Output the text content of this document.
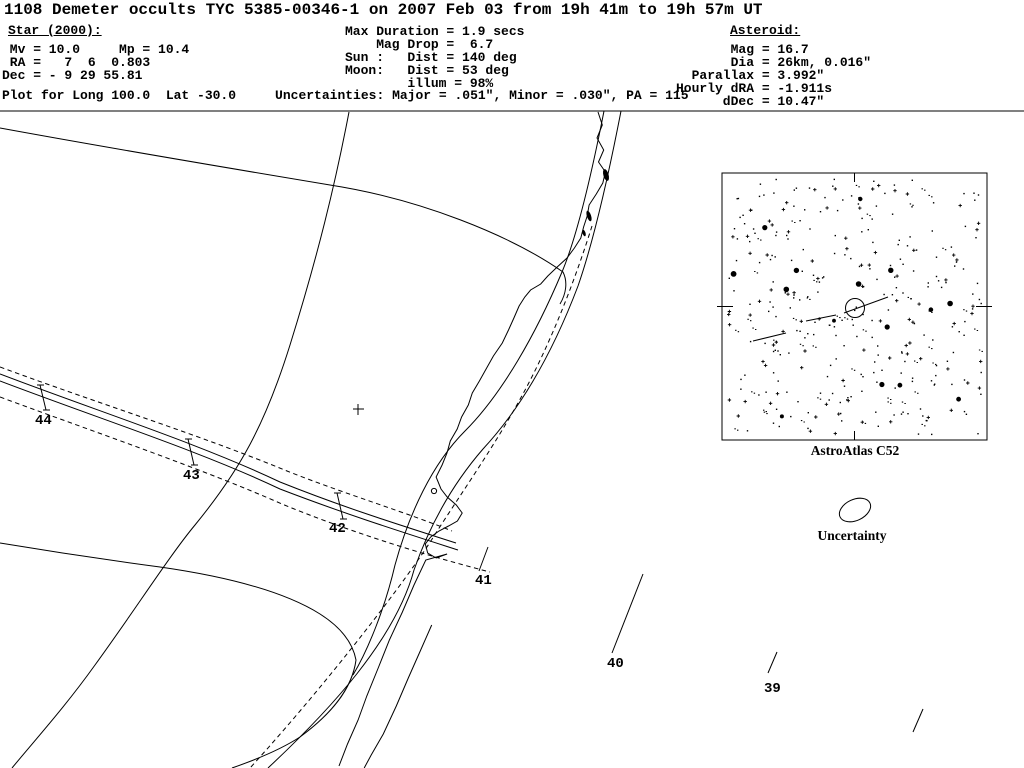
1108 Demeter occults TYC 5385-00346-1 on 2007 Feb 03 from 19h 41m to 19h 57m UT
Star (2000):
Mv = 10.0     Mp = 10.4
RA =   7  6  0.803
Dec = - 9 29 55.81
Max Duration = 1.9 secs
Mag Drop =  6.7
Sun :   Dist = 140 deg
Moon:   Dist = 53 deg
illum = 98%
Asteroid:
Mag = 16.7
Dia = 26km, 0.016"
Parallax = 3.992"
Hourly dRA = -1.911s
dDec = 10.47"
Plot for Long 100.0  Lat -30.0     Uncertainties: Major = .051", Minor = .030", PA = 115
44
43
42
41
40
39
AstroAtlas C52
Uncertainty
